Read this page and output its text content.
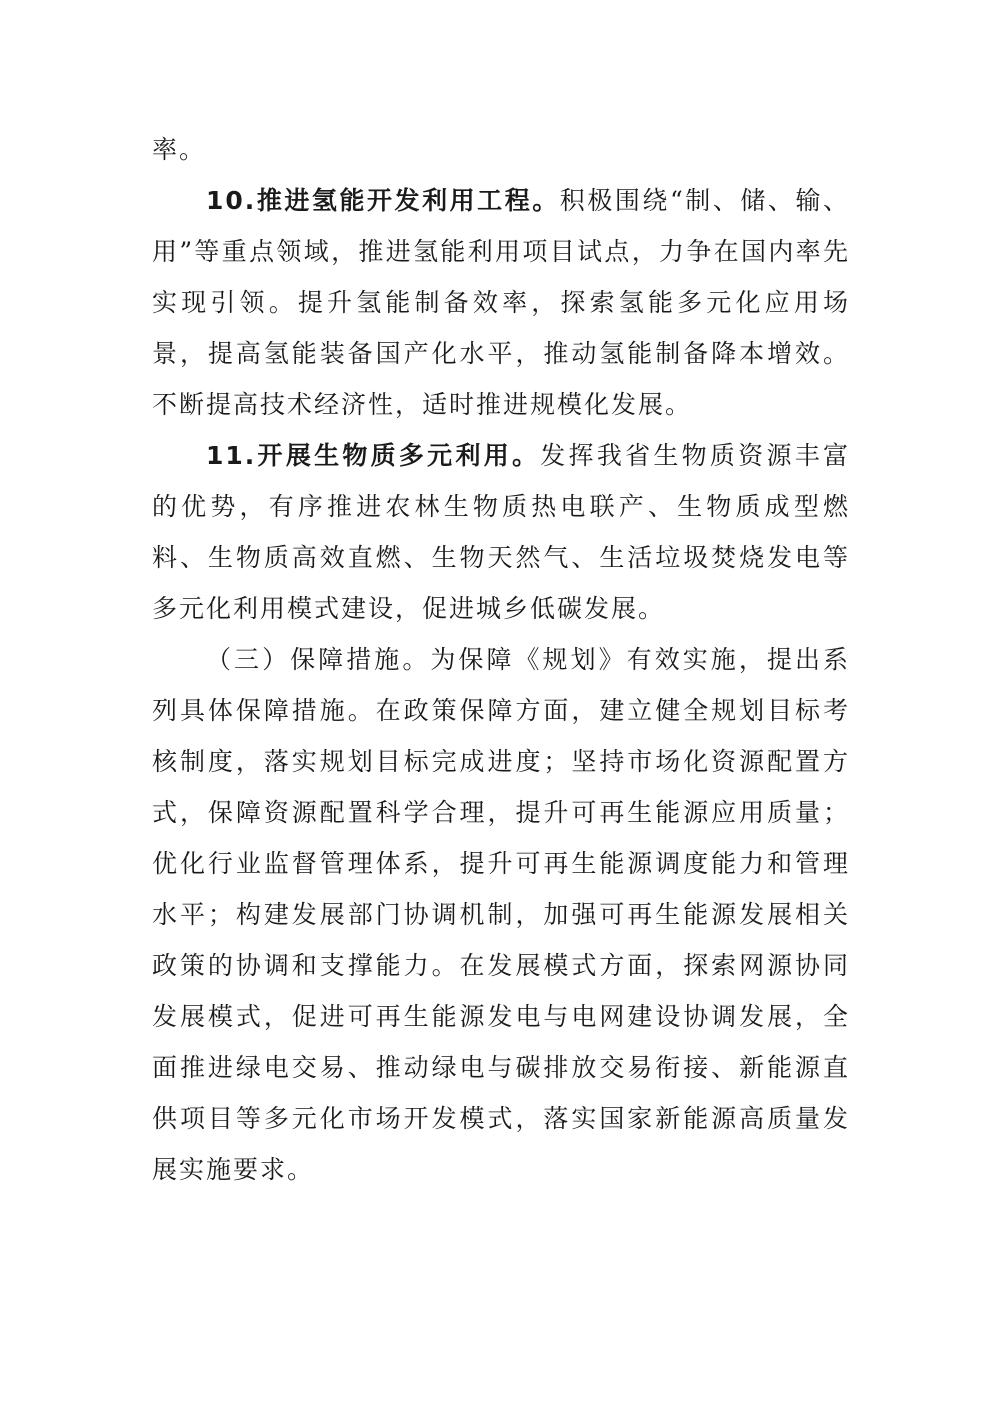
率。

10.推进氢能开发利用工程。积极围绕“制、储、输、用”等重点领域，推进氢能利用项目试点，力争在国内率先实现引领。提升氢能制备效率，探索氢能多元化应用场景，提高氢能装备国产化水平，推动氢能制备降本增效。不断提高技术经济性，适时推进规模化发展。

11.开展生物质多元利用。发挥我省生物质资源丰富的优势，有序推进农林生物质热电联产、生物质成型燃料、生物质高效直燃、生物天然气、生活垃圾焚烧发电等多元化利用模式建设，促进城乡低碳发展。

（三）保障措施。为保障《规划》有效实施，提出系列具体保障措施。在政策保障方面，建立健全规划目标考核制度，落实规划目标完成进度；坚持市场化资源配置方式，保障资源配置科学合理，提升可再生能源应用质量；优化行业监督管理体系，提升可再生能源调度能力和管理水平；构建发展部门协调机制，加强可再生能源发展相关政策的协调和支撑能力。在发展模式方面，探索网源协同发展模式，促进可再生能源发电与电网建设协调发展，全面推进绿电交易、推动绿电与碳排放交易衔接、新能源直供项目等多元化市场开发模式，落实国家新能源高质量发展实施要求。
